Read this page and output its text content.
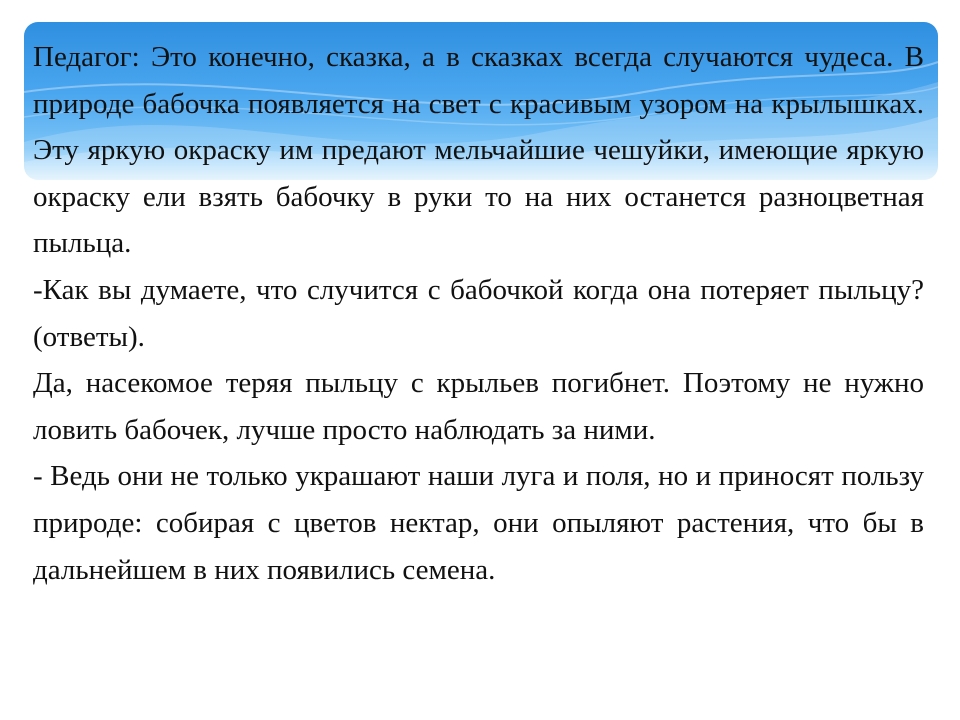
Педагог: Это конечно, сказка, а в сказках всегда случаются чудеса. В природе бабочка появляется на свет с красивым узором на крылышках. Эту яркую окраску им предают мельчайшие чешуйки, имеющие яркую окраску ели взять бабочку в руки то на них останется разноцветная пыльца.

-Как вы думаете, что случится с бабочкой когда она потеряет пыльцу? (ответы).

Да, насекомое теряя пыльцу с крыльев погибнет. Поэтому не нужно ловить бабочек, лучше просто наблюдать за ними.

- Ведь они не только украшают наши луга и поля, но и приносят пользу природе: собирая с цветов нектар, они опыляют растения, что бы в дальнейшем в них появились семена.
